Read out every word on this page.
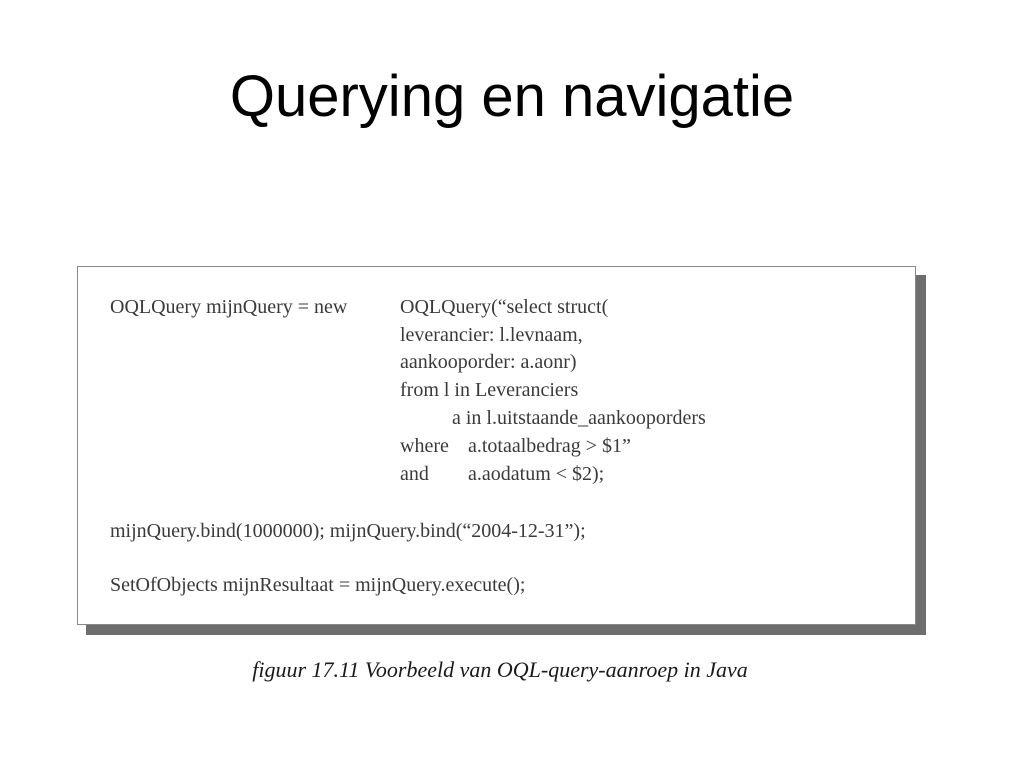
Querying en navigatie
OQLQuery mijnQuery = new OQLQuery(“select struct(
leverancier: l.levnaam,
aankooporder: a.aonr)
from l in Leveranciers
a in l.uitstaande_aankooporders
where a.totaalbedrag > $1”
and a.aodatum < $2);
mijnQuery.bind(1000000); mijnQuery.bind(“2004-12-31”);
SetOfObjects mijnResultaat = mijnQuery.execute();
figuur 17.11 Voorbeeld van OQL-query-aanroep in Java
